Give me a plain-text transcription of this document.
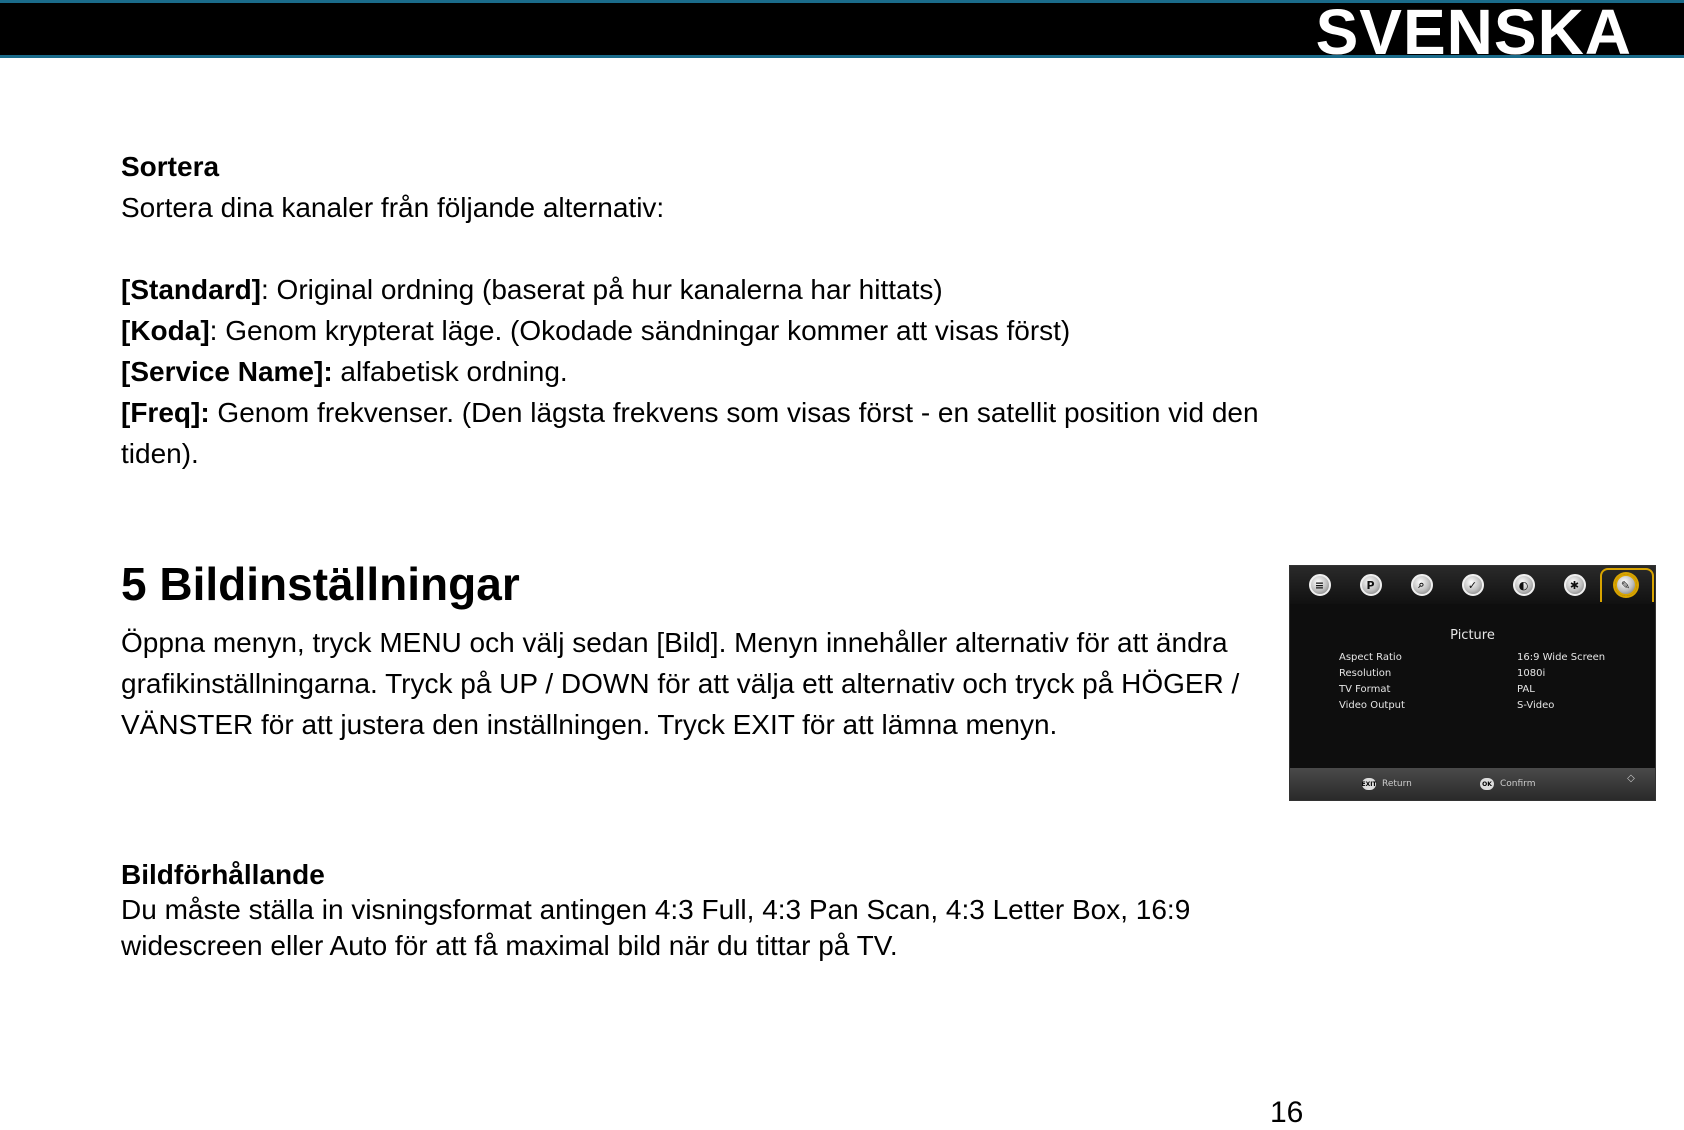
SVENSKA

Sortera

Sortera dina kanaler från följande alternativ:

[Standard]: Original ordning (baserat på hur kanalerna har hittats)

[Koda]: Genom krypterat läge. (Okodade sändningar kommer att visas först)

[Service Name]: alfabetisk ordning.

[Freq]: Genom frekvenser. (Den lägsta frekvens som visas först - en satellit position vid den tiden).

5 Bildinställningar

Öppna menyn, tryck MENU och välj sedan [Bild]. Menyn innehåller alternativ för att ändra grafikinställningarna. Tryck på UP / DOWN för att välja ett alternativ och tryck på HÖGER / VÄNSTER för att justera den inställningen. Tryck EXIT för att lämna menyn.

Bildförhållande

Du måste ställa in visningsformat antingen 4:3 Full, 4:3 Pan Scan, 4:3 Letter Box, 16:9 widescreen eller Auto för att få maximal bild när du tittar på TV.

≡	P	⌕	✓	◐	✱	✎
Picture
Aspect Ratio	16:9 Wide Screen
Resolution	1080i
TV Format	PAL
Video Output	S-Video
EXIT Return	OK Confirm	◇
16
